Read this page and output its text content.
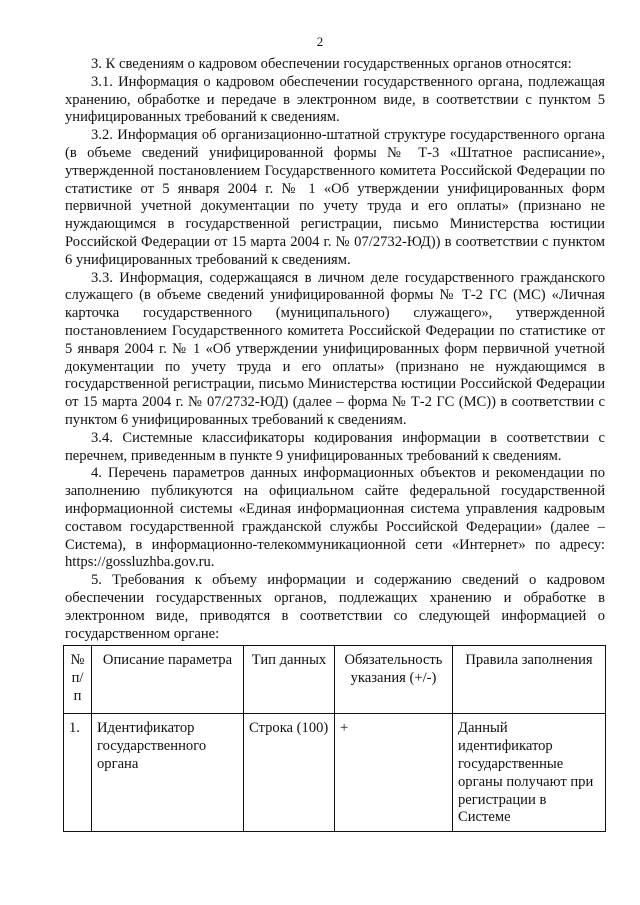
2

3. К сведениям о кадровом обеспечении государственных органов относятся:

3.1. Информация о кадровом обеспечении государственного органа, подлежащая хранению, обработке и передаче в электронном виде, в соответствии с пунктом 5 унифицированных требований к сведениям.

3.2. Информация об организационно-штатной структуре государственного органа (в объеме сведений унифицированной формы № Т-3 «Штатное расписание», утвержденной постановлением Государственного комитета Российской Федерации по статистике от 5 января 2004 г. № 1 «Об утверждении унифицированных форм первичной учетной документации по учету труда и его оплаты» (признано не нуждающимся в государственной регистрации, письмо Министерства юстиции Российской Федерации от 15 марта 2004 г. № 07/2732-ЮД)) в соответствии с пунктом 6 унифицированных требований к сведениям.

3.3. Информация, содержащаяся в личном деле государственного гражданского служащего (в объеме сведений унифицированной формы № Т-2 ГС (МС) «Личная карточка государственного (муниципального) служащего», утвержденной постановлением Государственного комитета Российской Федерации по статистике от 5 января 2004 г. № 1 «Об утверждении унифицированных форм первичной учетной документации по учету труда и его оплаты» (признано не нуждающимся в государственной регистрации, письмо Министерства юстиции Российской Федерации от 15 марта 2004 г. № 07/2732-ЮД) (далее – форма № Т-2 ГС (МС)) в соответствии с пунктом 6 унифицированных требований к сведениям.

3.4. Системные классификаторы кодирования информации в соответствии с перечнем, приведенным в пункте 9 унифицированных требований к сведениям.

4. Перечень параметров данных информационных объектов и рекомендации по заполнению публикуются на официальном сайте федеральной государственной информационной системы «Единая информационная система управления кадровым составом государственной гражданской службы Российской Федерации» (далее – Система), в информационно-телекоммуникационной сети «Интернет» по адресу: https://gossluzhba.gov.ru.

5. Требования к объему информации и содержанию сведений о кадровом обеспечении государственных органов, подлежащих хранению и обработке в электронном виде, приводятся в соответствии со следующей информацией о государственном органе:

№ п/п	Описание параметра	Тип данных	Обязательность указания (+/-)	Правила заполнения
1.	Идентификатор государственного органа	Строка (100)	+	Данный идентификатор государственные органы получают при регистрации в Системе
